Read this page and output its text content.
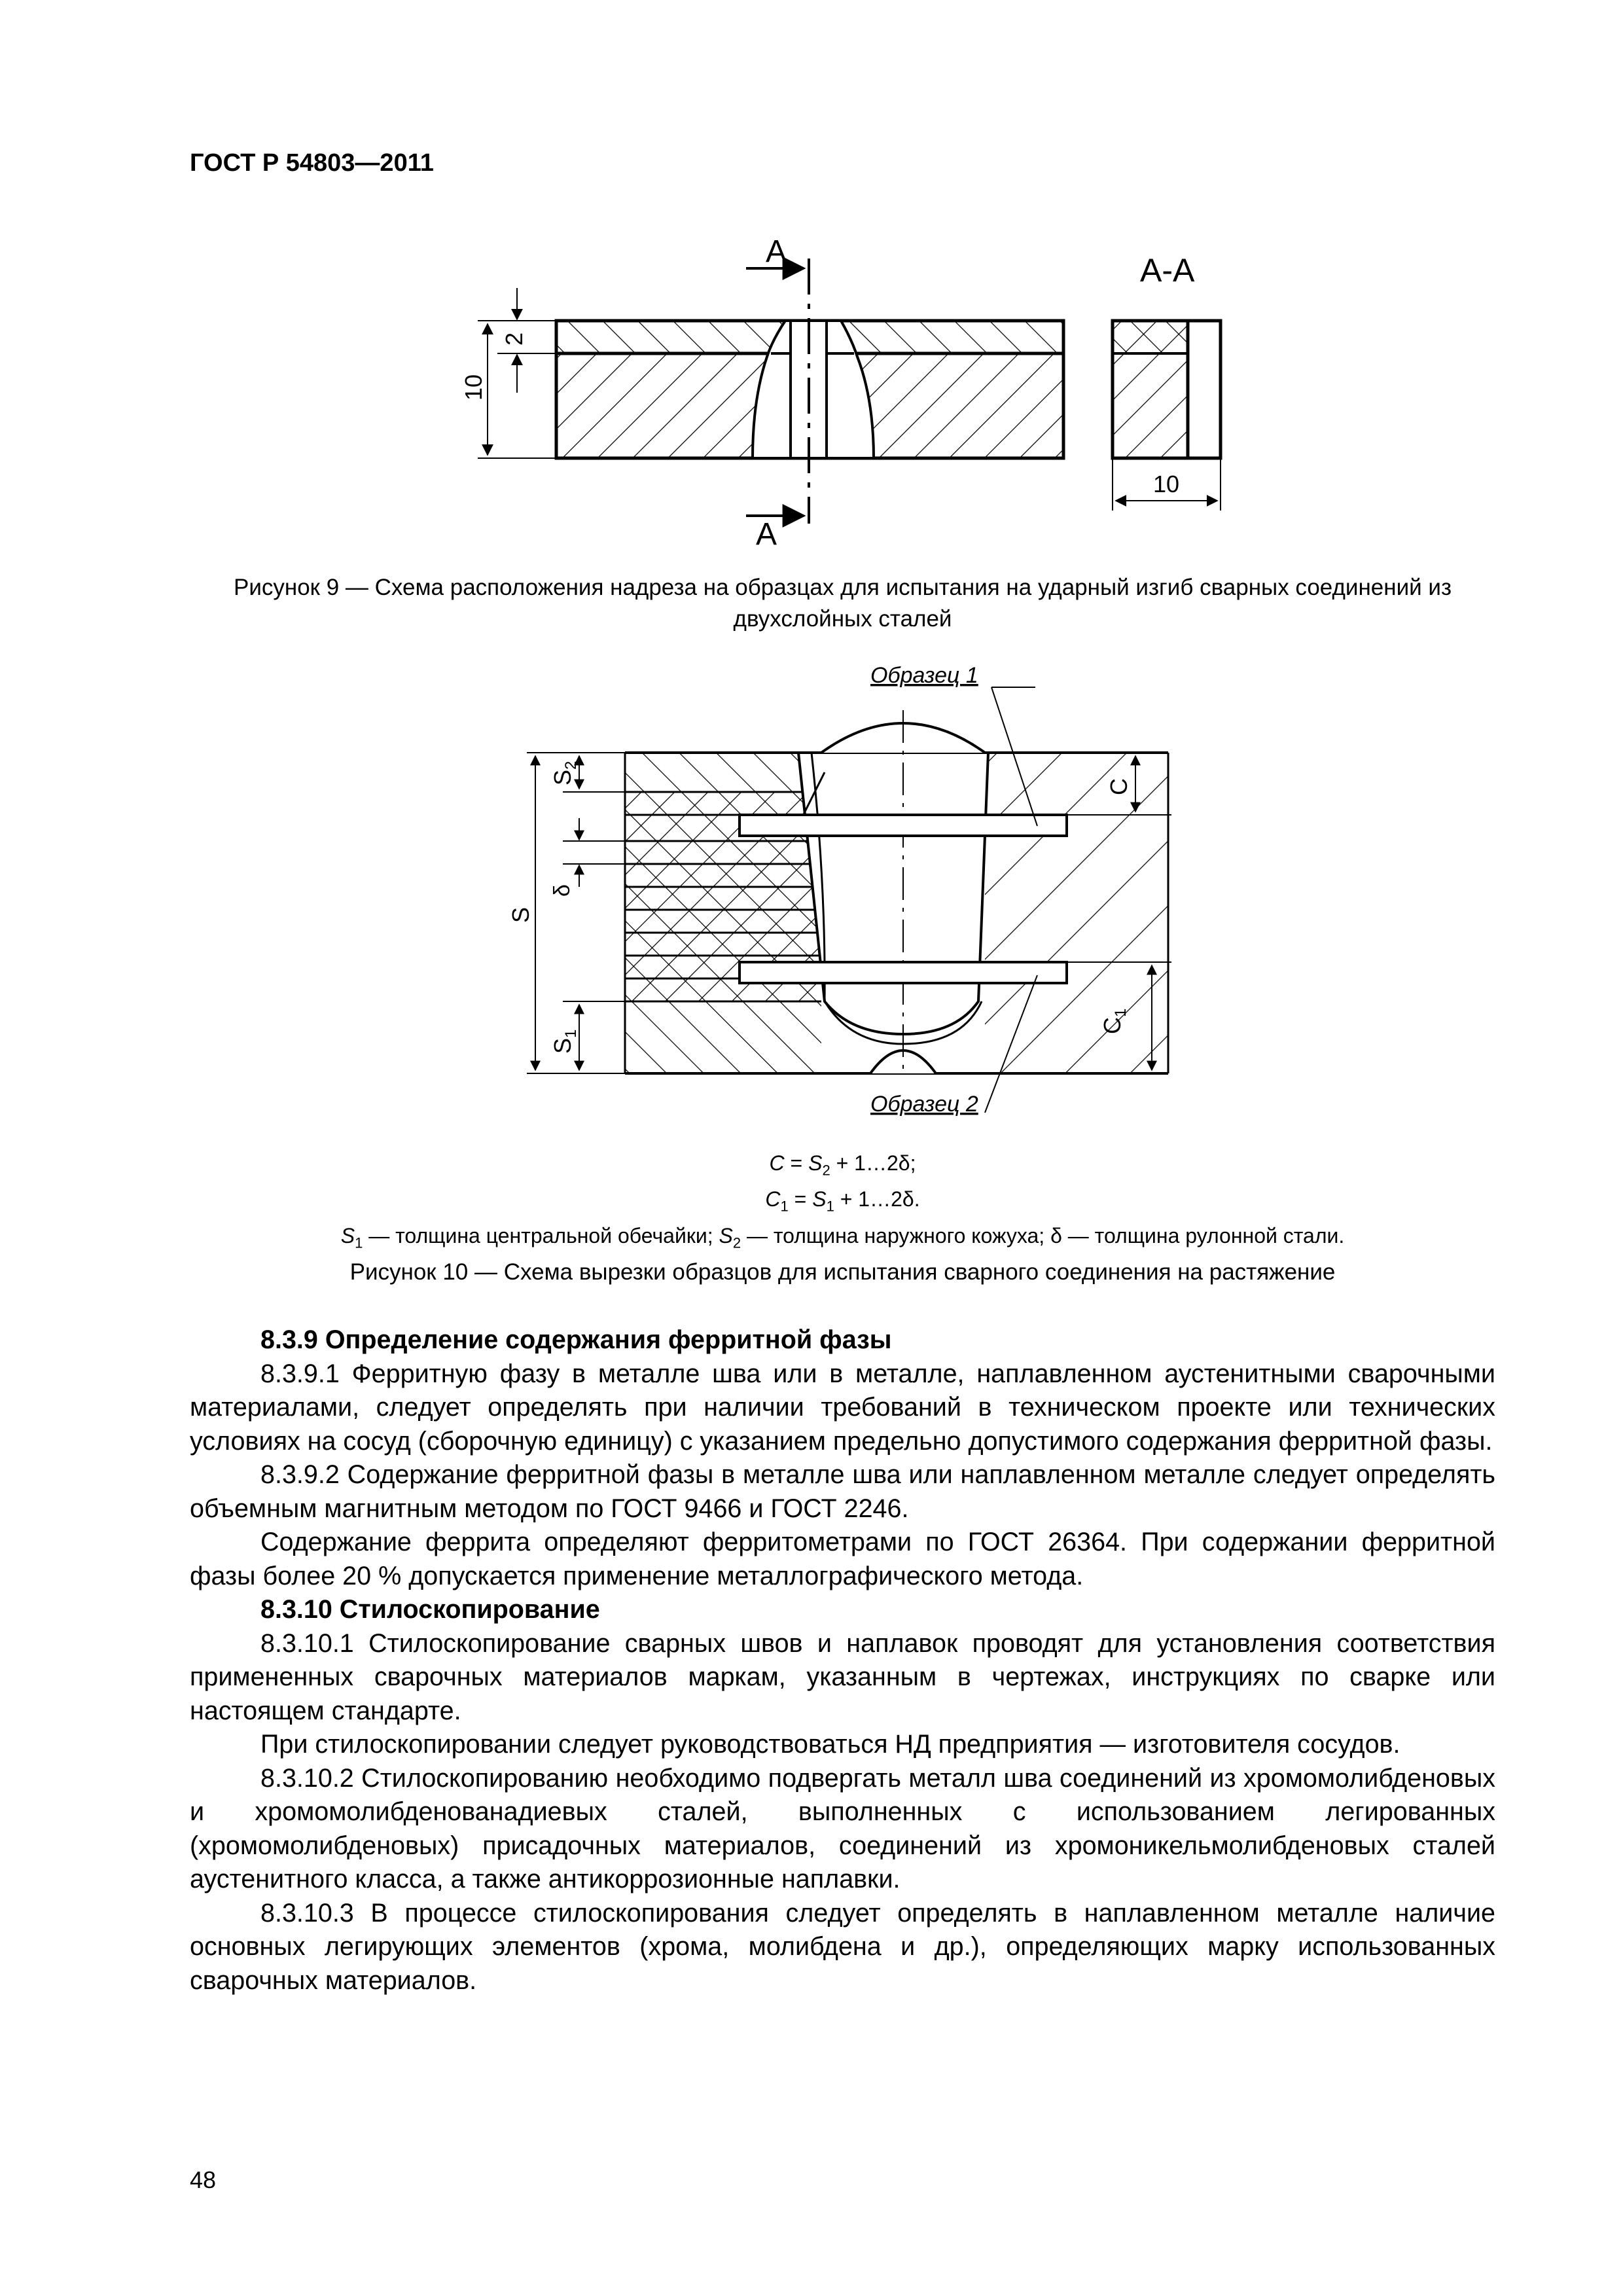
ГОСТ Р 54803—2011
А
А
2
10
А-А
10
Рисунок 9 — Схема расположения надреза на образцах для испытания на ударный изгиб сварных соединений из двухслойных сталей
Образец 1
Образец 2
S
$S_2$
δ
$S_1$
C
$C_1$
$C = S_2$ + 1…2δ;
$C_1 = S_1$ + 1…2δ.
$S_1$ — толщина центральной обечайки; $S_2$ — толщина наружного кожуха; δ — толщина рулонной стали.
Рисунок 10 — Схема вырезки образцов для испытания сварного соединения на растяжение

8.3.9 Определение содержания ферритной фазы

8.3.9.1 Ферритную фазу в металле шва или в металле, наплавленном аустенитными сварочными материалами, следует определять при наличии требований в техническом проекте или технических условиях на сосуд (сборочную единицу) с указанием предельно допустимого содержания ферритной фазы.

8.3.9.2 Содержание ферритной фазы в металле шва или наплавленном металле следует определять объемным магнитным методом по ГОСТ 9466 и ГОСТ 2246.

Содержание феррита определяют ферритометрами по ГОСТ 26364. При содержании ферритной фазы более 20 % допускается применение металлографического метода.

8.3.10 Стилоскопирование

8.3.10.1 Стилоскопирование сварных швов и наплавок проводят для установления соответствия примененных сварочных материалов маркам, указанным в чертежах, инструкциях по сварке или настоящем стандарте.

При стилоскопировании следует руководствоваться НД предприятия — изготовителя сосудов.

8.3.10.2 Стилоскопированию необходимо подвергать металл шва соединений из хромомолибденовых и хромомолибденованадиевых сталей, выполненных с использованием легированных (хромомолибденовых) присадочных материалов, соединений из хромоникельмолибденовых сталей аустенитного класса, а также антикоррозионные наплавки.

8.3.10.3 В процессе стилоскопирования следует определять в наплавленном металле наличие основных легирующих элементов (хрома, молибдена и др.), определяющих марку использованных сварочных материалов.

48
